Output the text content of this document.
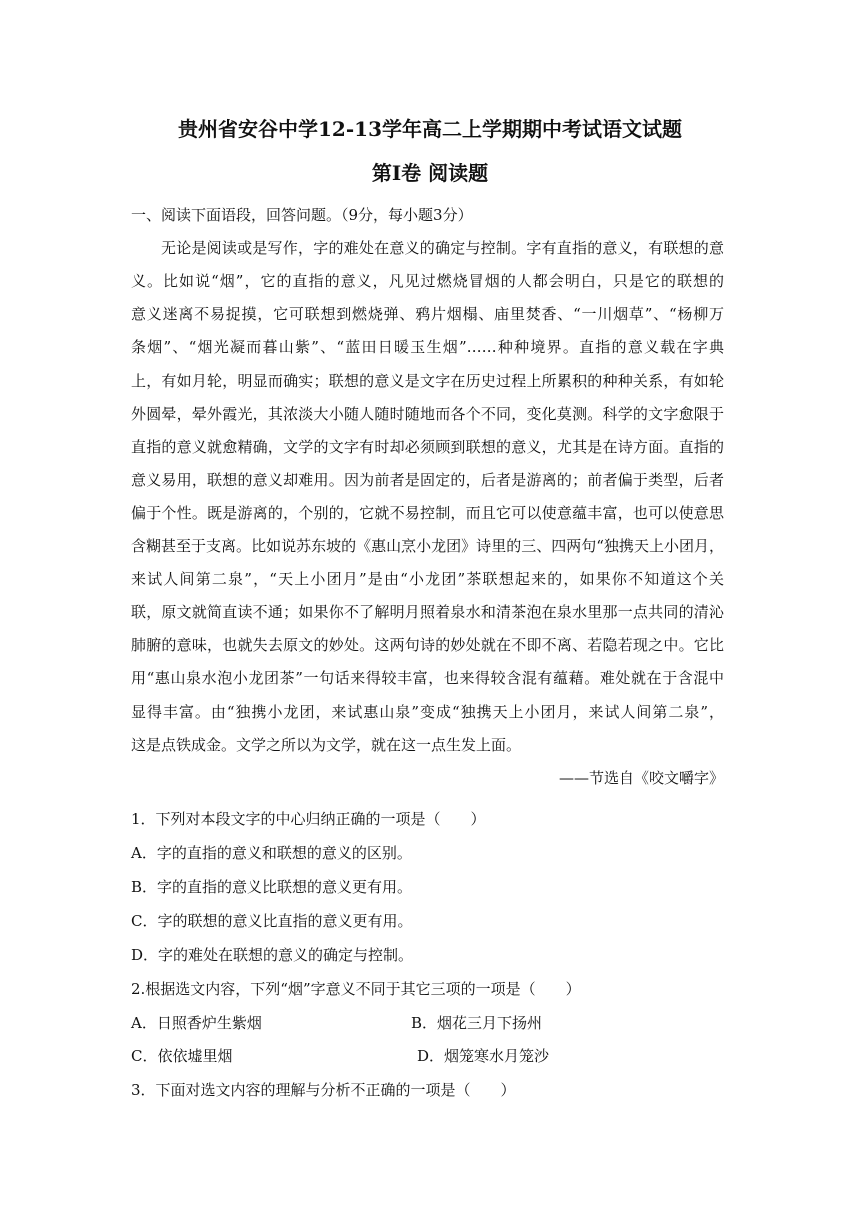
贵州省安谷中学12-13学年高二上学期期中考试语文试题
第Ⅰ卷 阅读题
一、阅读下面语段，回答问题。（9分，每小题3分）
无论是阅读或是写作，字的难处在意义的确定与控制。字有直指的意义，有联想的意
义。比如说“烟”，它的直指的意义，凡见过燃烧冒烟的人都会明白，只是它的联想的
意义迷离不易捉摸，它可联想到燃烧弹、鸦片烟榻、庙里焚香、“一川烟草”、“杨柳万
条烟”、“烟光凝而暮山紫”、“蓝田日暖玉生烟”……种种境界。直指的意义载在字典
上，有如月轮，明显而确实；联想的意义是文字在历史过程上所累积的种种关系，有如轮
外圆晕，晕外霞光，其浓淡大小随人随时随地而各个不同，变化莫测。科学的文字愈限于
直指的意义就愈精确，文学的文字有时却必须顾到联想的意义，尤其是在诗方面。直指的
意义易用，联想的意义却难用。因为前者是固定的，后者是游离的；前者偏于类型，后者
偏于个性。既是游离的，个别的，它就不易控制，而且它可以使意蕴丰富，也可以使意思
含糊甚至于支离。比如说苏东坡的《惠山烹小龙团》诗里的三、四两句“独携天上小团月，
来试人间第二泉”，“天上小团月”是由“小龙团”茶联想起来的，如果你不知道这个关
联，原文就简直读不通；如果你不了解明月照着泉水和清茶泡在泉水里那一点共同的清沁
肺腑的意味，也就失去原文的妙处。这两句诗的妙处就在不即不离、若隐若现之中。它比
用“惠山泉水泡小龙团茶”一句话来得较丰富，也来得较含混有蕴藉。难处就在于含混中
显得丰富。由“独携小龙团，来试惠山泉”变成“独携天上小团月，来试人间第二泉”，
这是点铁成金。文学之所以为文学，就在这一点生发上面。
——节选自《咬文嚼字》
1．下列对本段文字的中心归纳正确的一项是（　　）
A．字的直指的意义和联想的意义的区别。
B．字的直指的意义比联想的意义更有用。
C．字的联想的意义比直指的意义更有用。
D．字的难处在联想的意义的确定与控制。
2.根据选文内容，下列“烟”字意义不同于其它三项的一项是（　　）
A．日照香炉生紫烟	B．烟花三月下扬州
C．依依墟里烟	D．烟笼寒水月笼沙
3．下面对选文内容的理解与分析不正确的一项是（　　）
